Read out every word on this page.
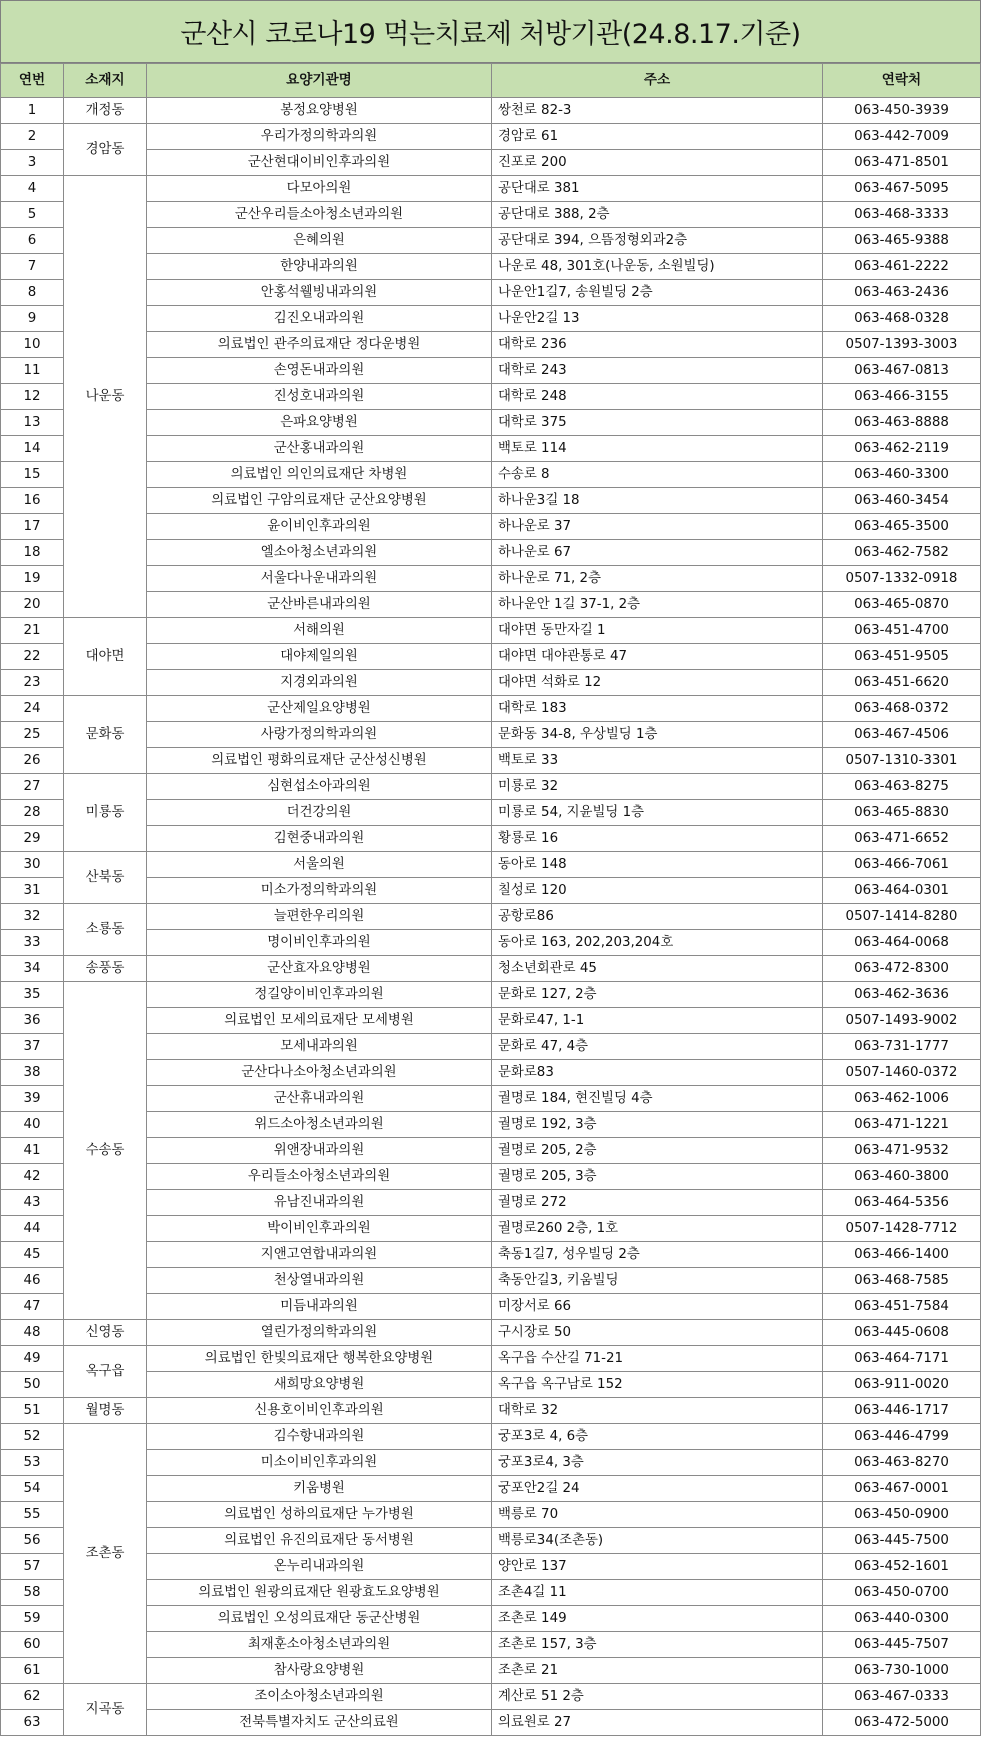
군산시 코로나19 먹는치료제 처방기관(24.8.17.기준)
연번	소재지	요양기관명	주소	연락처
1	개정동	봉정요양병원	쌍천로 82-3	063-450-3939
2	경암동	우리가정의학과의원	경암로 61	063-442-7009
3		군산현대이비인후과의원	진포로 200	063-471-8501
4	나운동	다모아의원	공단대로 381	063-467-5095
5		군산우리들소아청소년과의원	공단대로 388, 2층	063-468-3333
6		은혜의원	공단대로 394, 으뜸정형외과2층	063-465-9388
7		한양내과의원	나운로 48, 301호(나운동, 소원빌딩)	063-461-2222
8		안홍석웰빙내과의원	나운안1길7, 송원빌딩 2층	063-463-2436
9		김진오내과의원	나운안2길 13	063-468-0328
10		의료법인 관주의료재단 정다운병원	대학로 236	0507-1393-3003
11		손영돈내과의원	대학로 243	063-467-0813
12		진성호내과의원	대학로 248	063-466-3155
13		은파요양병원	대학로 375	063-463-8888
14		군산홍내과의원	백토로 114	063-462-2119
15		의료법인 의인의료재단 차병원	수송로 8	063-460-3300
16		의료법인 구암의료재단 군산요양병원	하나운3길 18	063-460-3454
17		윤이비인후과의원	하나운로 37	063-465-3500
18		엘소아청소년과의원	하나운로 67	063-462-7582
19		서울다나운내과의원	하나운로 71, 2층	0507-1332-0918
20		군산바른내과의원	하나운안 1길 37-1, 2층	063-465-0870
21	대야면	서해의원	대야면 동만자길 1	063-451-4700
22		대야제일의원	대야면 대야관통로 47	063-451-9505
23		지경외과의원	대야면 석화로 12	063-451-6620
24	문화동	군산제일요양병원	대학로 183	063-468-0372
25		사랑가정의학과의원	문화동 34-8, 우상빌딩 1층	063-467-4506
26		의료법인 평화의료재단 군산성신병원	백토로 33	0507-1310-3301
27	미룡동	심현섭소아과의원	미룡로 32	063-463-8275
28		더건강의원	미룡로 54, 지윤빌딩 1층	063-465-8830
29		김현중내과의원	황룡로 16	063-471-6652
30	산북동	서울의원	동아로 148	063-466-7061
31		미소가정의학과의원	칠성로 120	063-464-0301
32	소룡동	늘편한우리의원	공항로86	0507-1414-8280
33		명이비인후과의원	동아로 163, 202,203,204호	063-464-0068
34	송풍동	군산효자요양병원	청소년회관로 45	063-472-8300
35	수송동	정길양이비인후과의원	문화로 127, 2층	063-462-3636
36		의료법인 모세의료재단 모세병원	문화로47, 1-1	0507-1493-9002
37		모세내과의원	문화로 47, 4층	063-731-1777
38		군산다나소아청소년과의원	문화로83	0507-1460-0372
39		군산휴내과의원	궐명로 184, 현진빌딩 4층	063-462-1006
40		위드소아청소년과의원	궐명로 192, 3층	063-471-1221
41		위앤장내과의원	궐명로 205, 2층	063-471-9532
42		우리들소아청소년과의원	궐명로 205, 3층	063-460-3800
43		유남진내과의원	궐명로 272	063-464-5356
44		박이비인후과의원	궐명로260 2층, 1호	0507-1428-7712
45		지앤고연합내과의원	축동1길7, 성우빌딩 2층	063-466-1400
46		천상열내과의원	축동안길3, 키움빌딩	063-468-7585
47		미듬내과의원	미장서로 66	063-451-7584
48	신영동	열린가정의학과의원	구시장로 50	063-445-0608
49	옥구읍	의료법인 한빛의료재단 행복한요양병원	옥구읍 수산길 71-21	063-464-7171
50		새희망요양병원	옥구읍 옥구남로 152	063-911-0020
51	월명동	신용호이비인후과의원	대학로 32	063-446-1717
52	조촌동	김수항내과의원	궁포3로 4, 6층	063-446-4799
53		미소이비인후과의원	궁포3로4, 3층	063-463-8270
54		키움병원	궁포안2길 24	063-467-0001
55		의료법인 성하의료재단 누가병원	백릉로 70	063-450-0900
56		의료법인 유진의료재단 동서병원	백릉로34(조촌동)	063-445-7500
57		온누리내과의원	양안로 137	063-452-1601
58		의료법인 원광의료재단 원광효도요양병원	조촌4길 11	063-450-0700
59		의료법인 오성의료재단 동군산병원	조촌로 149	063-440-0300
60		최재훈소아청소년과의원	조촌로 157, 3층	063-445-7507
61		참사랑요양병원	조촌로 21	063-730-1000
62	지곡동	조이소아청소년과의원	계산로 51 2층	063-467-0333
63		전북특별자치도 군산의료원	의료원로 27	063-472-5000
